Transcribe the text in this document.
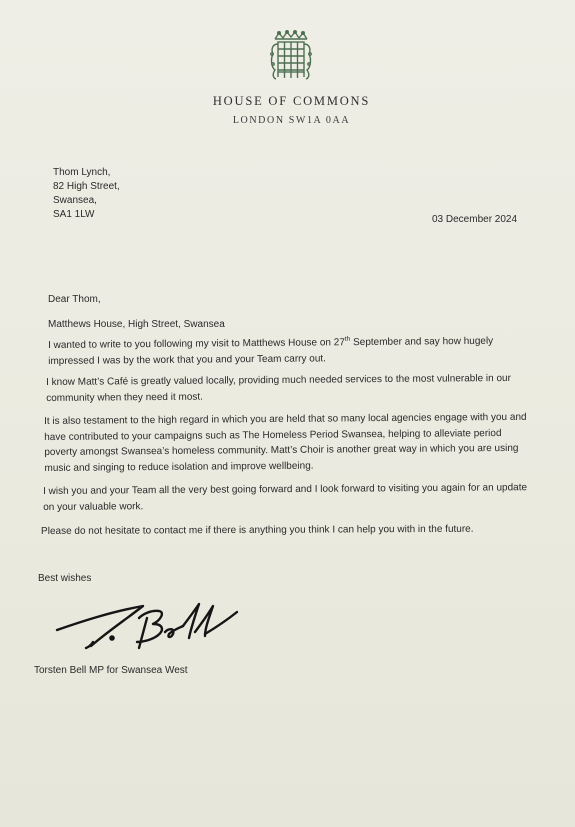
HOUSE OF COMMONS
LONDON SW1A 0AA
Thom Lynch,
82 High Street,
Swansea,
SA1 1LW	03 December 2024
Dear Thom,
Matthews House, High Street, Swansea
I wanted to write to you following my visit to Matthews House on 27th September and say how hugely impressed I was by the work that you and your Team carry out.
I know Matt’s Café is greatly valued locally, providing much needed services to the most vulnerable in our community when they need it most.
It is also testament to the high regard in which you are held that so many local agencies engage with you and have contributed to your campaigns such as The Homeless Period Swansea, helping to alleviate period poverty amongst Swansea’s homeless community. Matt’s Choir is another great way in which you are using music and singing to reduce isolation and improve wellbeing.
I wish you and your Team all the very best going forward and I look forward to visiting you again for an update on your valuable work.
Please do not hesitate to contact me if there is anything you think I can help you with in the future.
Best wishes
Torsten Bell MP for Swansea West
